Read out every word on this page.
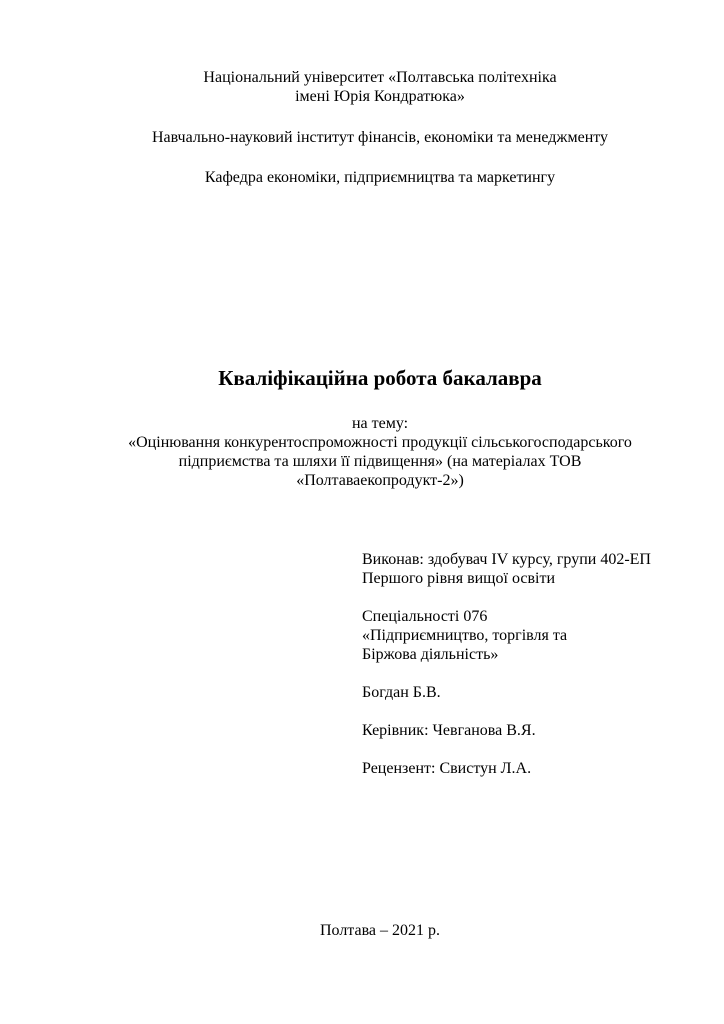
Національний університет «Полтавська політехніка
імені Юрія Кондратюка»
Навчально-науковий інститут фінансів, економіки та менеджменту
Кафедра економіки, підприємництва та маркетингу
Кваліфікаційна робота бакалавра
на тему:
«Оцінювання конкурентоспроможності продукції сільськогосподарського
підприємства та шляхи її підвищення» (на матеріалах ТОВ
«Полтаваекопродукт-2»)
Виконав: здобувач IV курсу, групи 402-ЕП
Першого рівня вищої освіти
Спеціальності 076
«Підприємництво, торгівля та
Біржова діяльність»
Богдан Б.В.
Керівник: Чевганова В.Я.
Рецензент: Свистун Л.А.
Полтава – 2021 р.
